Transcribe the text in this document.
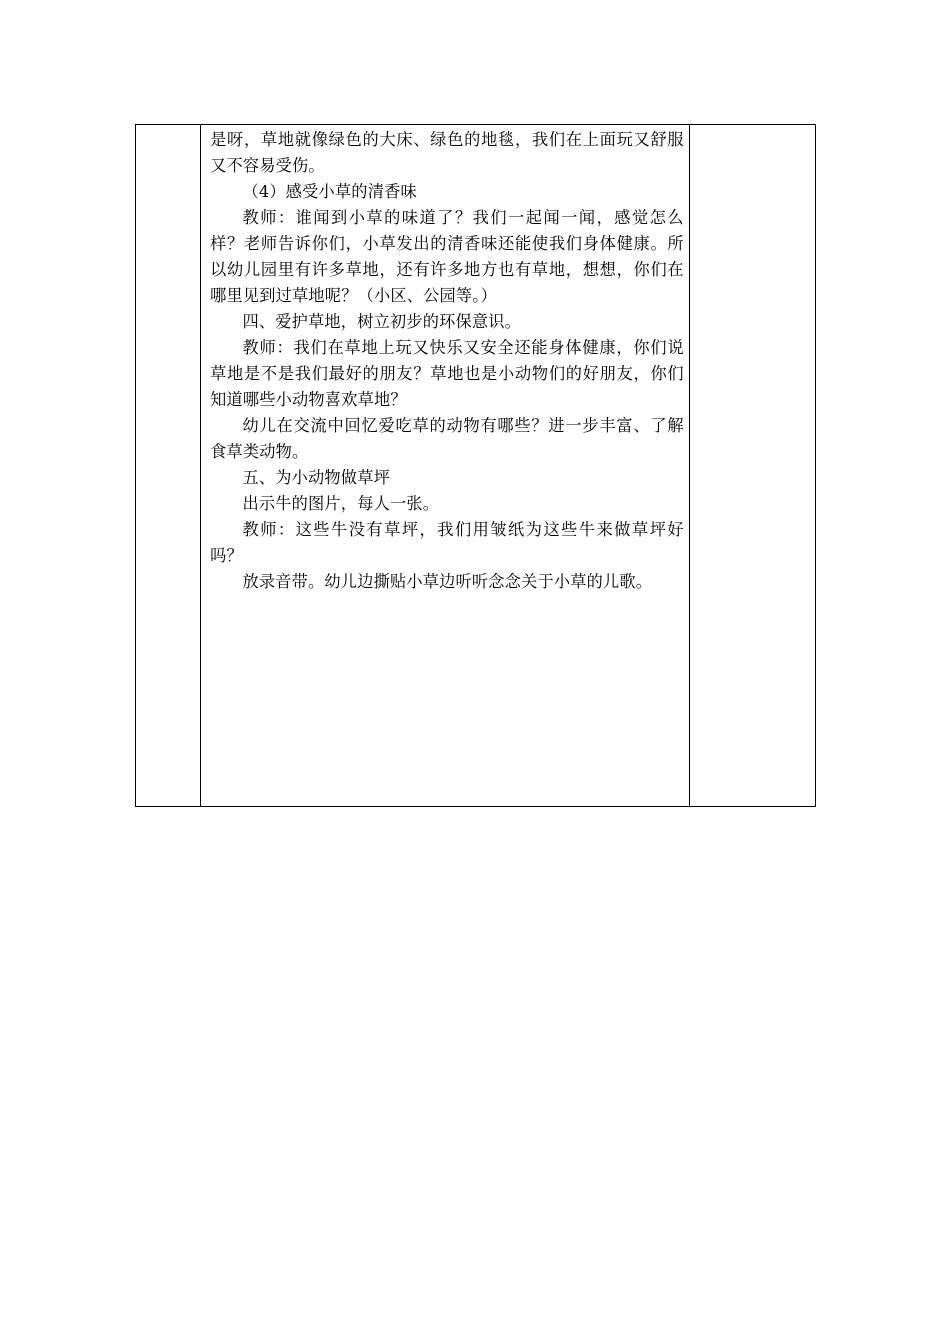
是呀，草地就像绿色的大床、绿色的地毯，我们在上面玩又舒服又不容易受伤。

（4）感受小草的清香味

教师：谁闻到小草的味道了？我们一起闻一闻，感觉怎么样？老师告诉你们，小草发出的清香味还能使我们身体健康。所以幼儿园里有许多草地，还有许多地方也有草地，想想，你们在哪里见到过草地呢？（小区、公园等。）

四、爱护草地，树立初步的环保意识。

教师：我们在草地上玩又快乐又安全还能身体健康，你们说草地是不是我们最好的朋友？草地也是小动物们的好朋友，你们知道哪些小动物喜欢草地？

幼儿在交流中回忆爱吃草的动物有哪些？进一步丰富、了解食草类动物。

五、为小动物做草坪

出示牛的图片，每人一张。

教师：这些牛没有草坪，我们用皱纸为这些牛来做草坪好吗？

放录音带。幼儿边撕贴小草边听听念念关于小草的儿歌。
